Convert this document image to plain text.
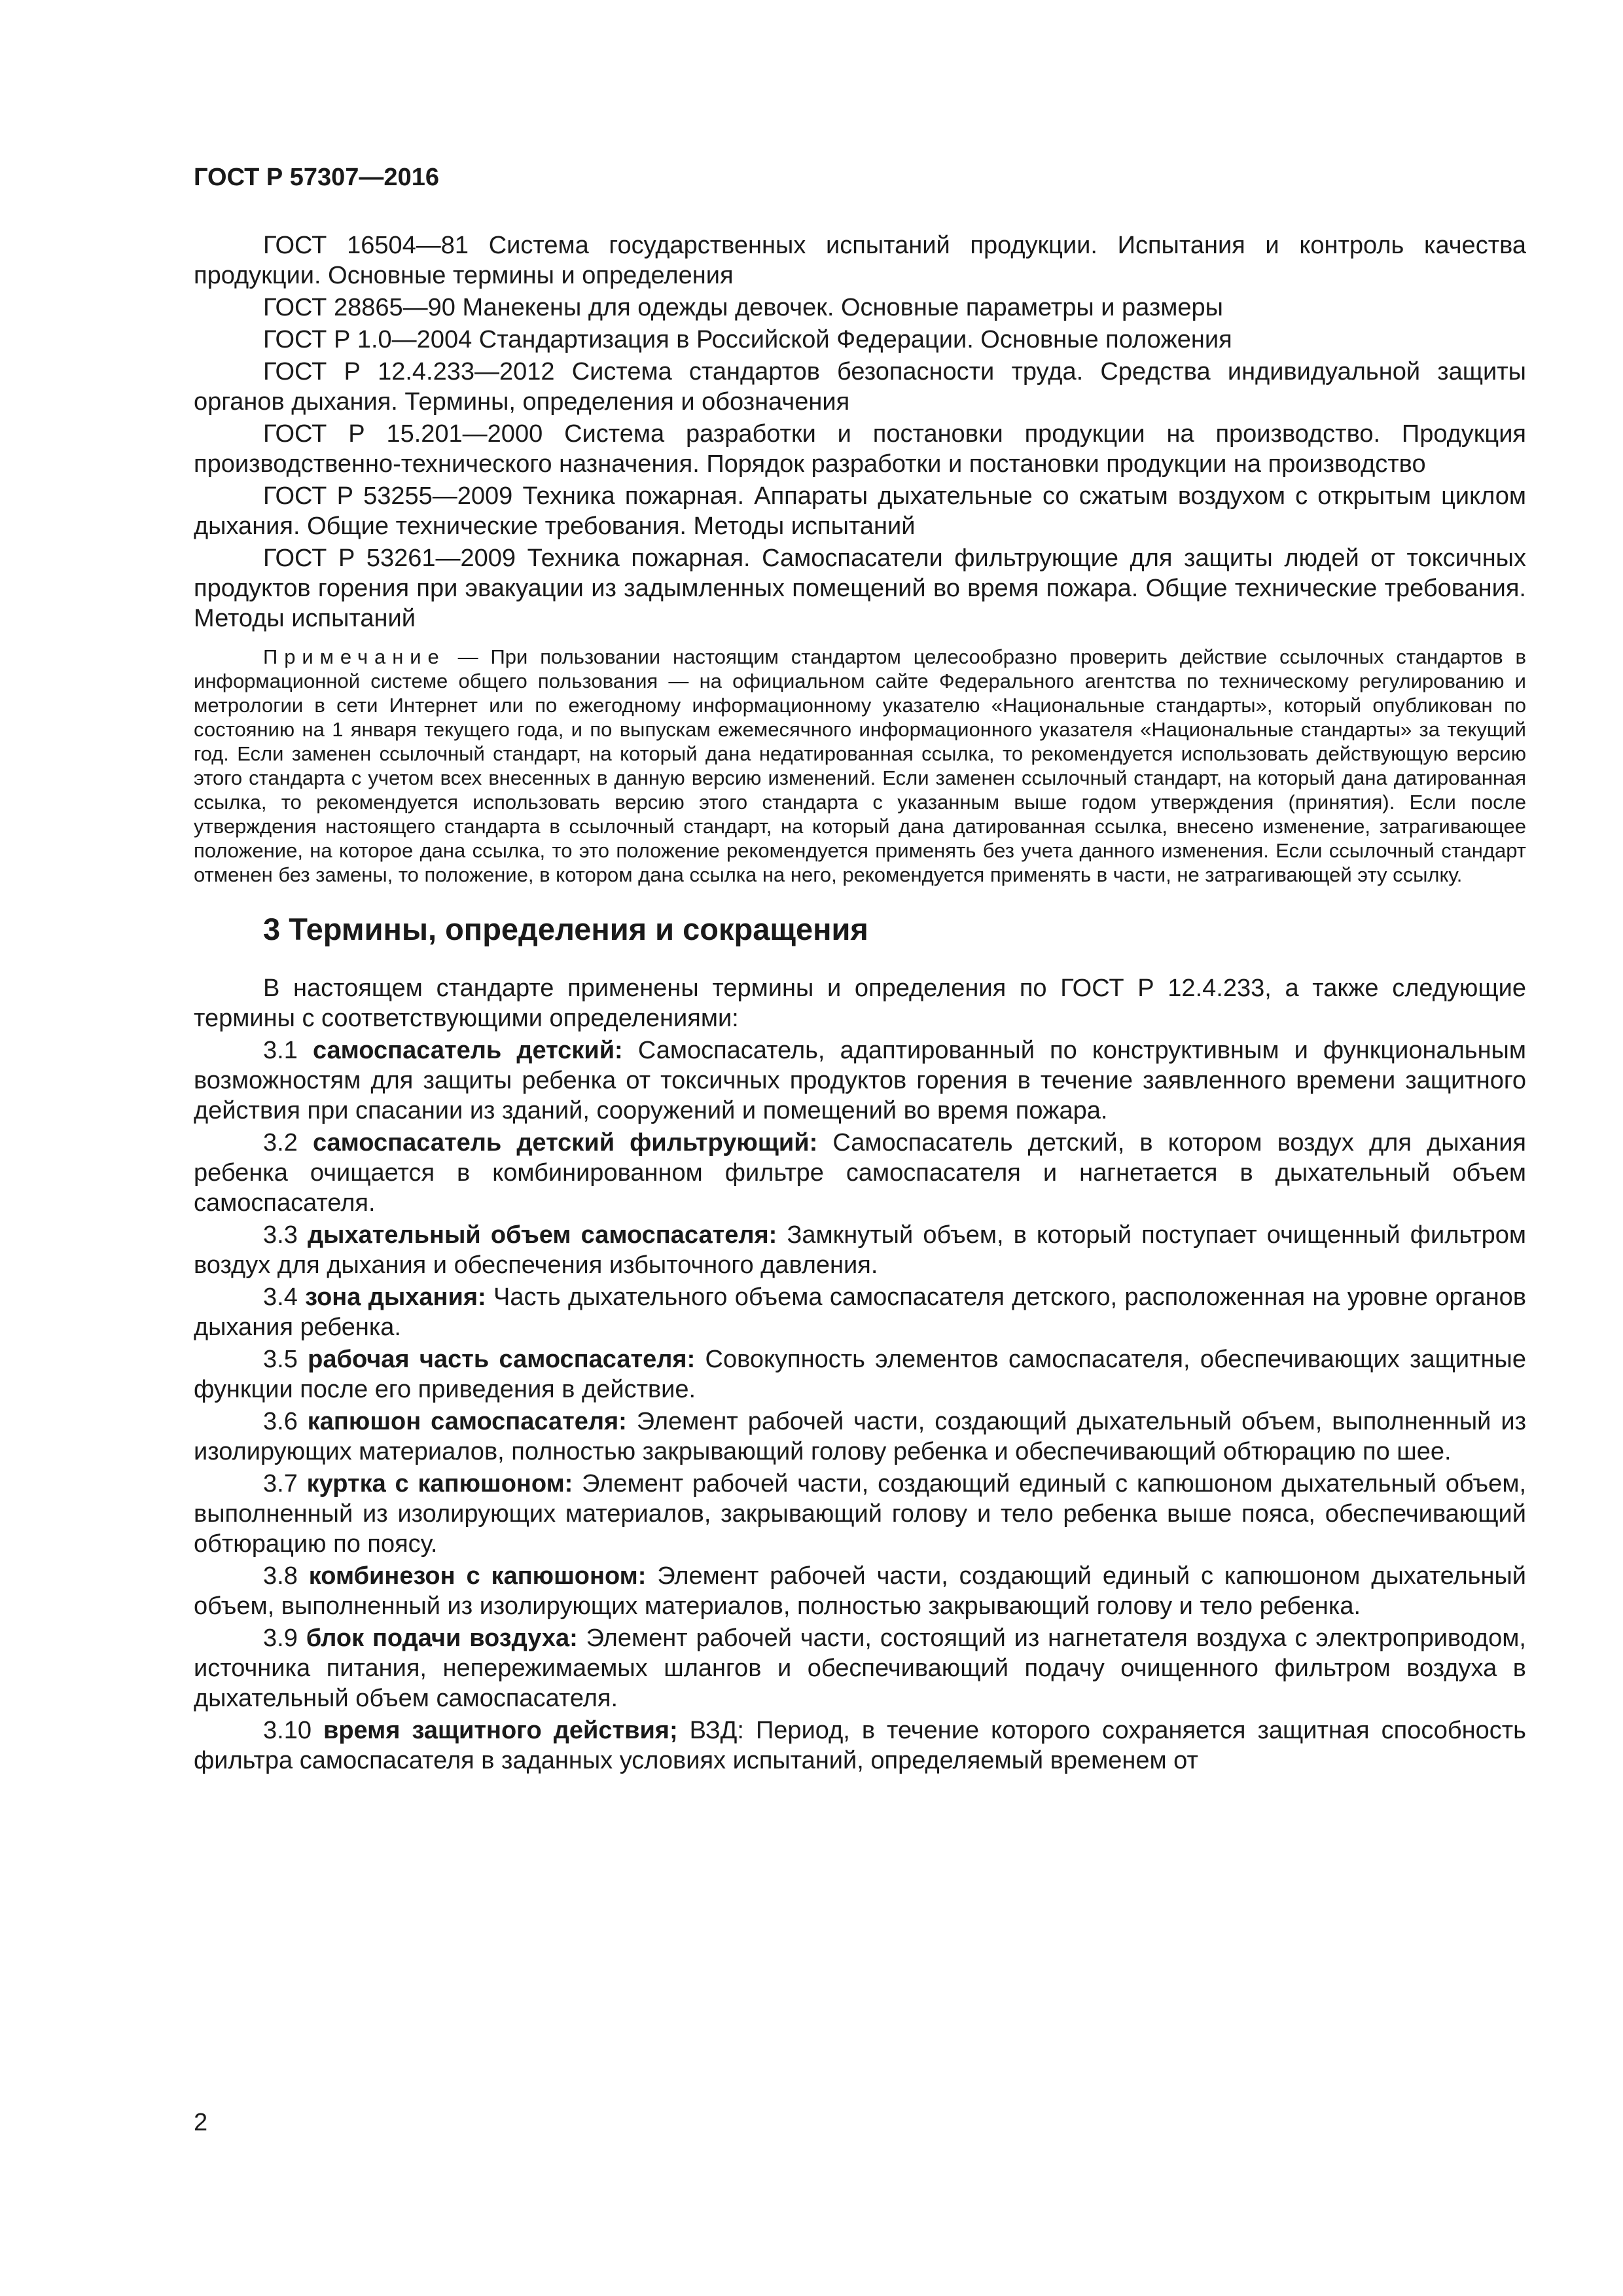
ГОСТ Р 57307—2016

ГОСТ 16504—81 Система государственных испытаний продукции. Испытания и контроль качества продукции. Основные термины и определения

ГОСТ 28865—90 Манекены для одежды девочек. Основные параметры и размеры

ГОСТ Р 1.0—2004 Стандартизация в Российской Федерации. Основные положения

ГОСТ Р 12.4.233—2012 Система стандартов безопасности труда. Средства индивидуальной защиты органов дыхания. Термины, определения и обозначения

ГОСТ Р 15.201—2000 Система разработки и постановки продукции на производство. Продукция производственно-технического назначения. Порядок разработки и постановки продукции на производство

ГОСТ Р 53255—2009 Техника пожарная. Аппараты дыхательные со сжатым воздухом с открытым циклом дыхания. Общие технические требования. Методы испытаний

ГОСТ Р 53261—2009 Техника пожарная. Самоспасатели фильтрующие для защиты людей от токсичных продуктов горения при эвакуации из задымленных помещений во время пожара. Общие технические требования. Методы испытаний

Примечание — При пользовании настоящим стандартом целесообразно проверить действие ссылочных стандартов в информационной системе общего пользования — на официальном сайте Федерального агентства по техническому регулированию и метрологии в сети Интернет или по ежегодному информационному указателю «Национальные стандарты», который опубликован по состоянию на 1 января текущего года, и по выпускам ежемесячного информационного указателя «Национальные стандарты» за текущий год. Если заменен ссылочный стандарт, на который дана недатированная ссылка, то рекомендуется использовать действующую версию этого стандарта с учетом всех внесенных в данную версию изменений. Если заменен ссылочный стандарт, на который дана датированная ссылка, то рекомендуется использовать версию этого стандарта с указанным выше годом утверждения (принятия). Если после утверждения настоящего стандарта в ссылочный стандарт, на который дана датированная ссылка, внесено изменение, затрагивающее положение, на которое дана ссылка, то это положение рекомендуется применять без учета данного изменения. Если ссылочный стандарт отменен без замены, то положение, в котором дана ссылка на него, рекомендуется применять в части, не затрагивающей эту ссылку.

3 Термины, определения и сокращения

В настоящем стандарте применены термины и определения по ГОСТ Р 12.4.233, а также следующие термины с соответствующими определениями:

3.1 самоспасатель детский: Самоспасатель, адаптированный по конструктивным и функциональным возможностям для защиты ребенка от токсичных продуктов горения в течение заявленного времени защитного действия при спасании из зданий, сооружений и помещений во время пожара.

3.2 самоспасатель детский фильтрующий: Самоспасатель детский, в котором воздух для дыхания ребенка очищается в комбинированном фильтре самоспасателя и нагнетается в дыхательный объем самоспасателя.

3.3 дыхательный объем самоспасателя: Замкнутый объем, в который поступает очищенный фильтром воздух для дыхания и обеспечения избыточного давления.

3.4 зона дыхания: Часть дыхательного объема самоспасателя детского, расположенная на уровне органов дыхания ребенка.

3.5 рабочая часть самоспасателя: Совокупность элементов самоспасателя, обеспечивающих защитные функции после его приведения в действие.

3.6 капюшон самоспасателя: Элемент рабочей части, создающий дыхательный объем, выполненный из изолирующих материалов, полностью закрывающий голову ребенка и обеспечивающий обтюрацию по шее.

3.7 куртка с капюшоном: Элемент рабочей части, создающий единый с капюшоном дыхательный объем, выполненный из изолирующих материалов, закрывающий голову и тело ребенка выше пояса, обеспечивающий обтюрацию по поясу.

3.8 комбинезон с капюшоном: Элемент рабочей части, создающий единый с капюшоном дыхательный объем, выполненный из изолирующих материалов, полностью закрывающий голову и тело ребенка.

3.9 блок подачи воздуха: Элемент рабочей части, состоящий из нагнетателя воздуха с электроприводом, источника питания, непережимаемых шлангов и обеспечивающий подачу очищенного фильтром воздуха в дыхательный объем самоспасателя.

3.10 время защитного действия; ВЗД: Период, в течение которого сохраняется защитная способность фильтра самоспасателя в заданных условиях испытаний, определяемый временем от

2
